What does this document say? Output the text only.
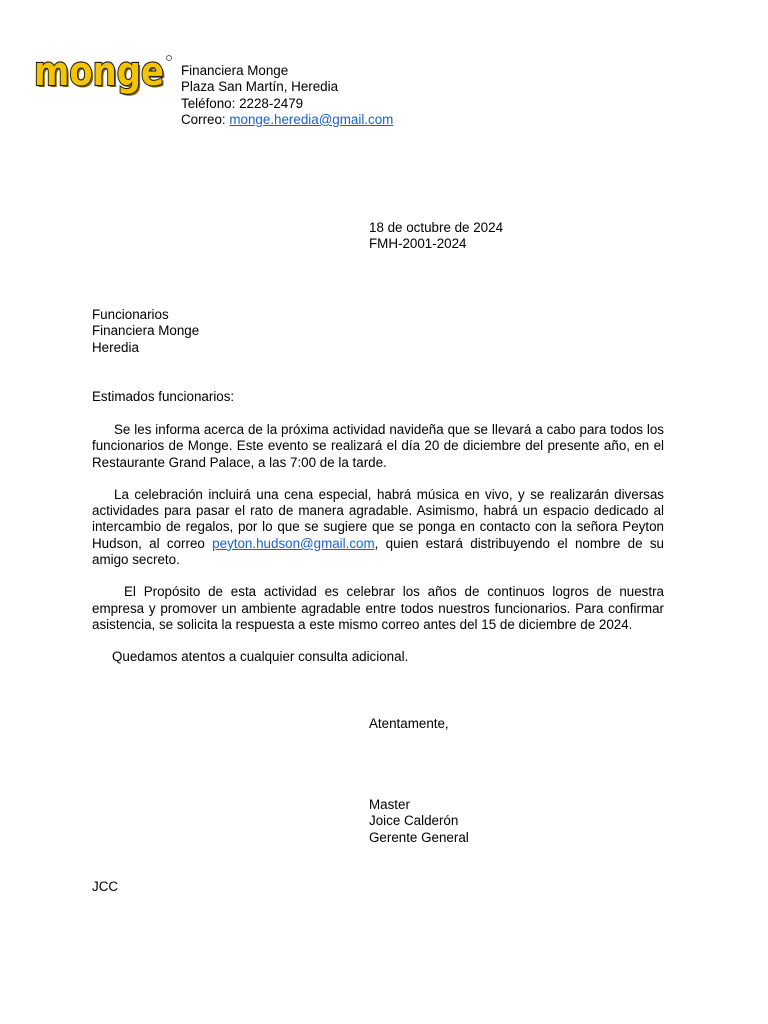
monge
monge Financiera Monge
Plaza San Martín, Heredia
Teléfono: 2228-2479
Correo: monge.heredia@gmail.com
18 de octubre de 2024
FMH-2001-2024
Funcionarios
Financiera Monge
Heredia
Estimados funcionarios:

Se les informa acerca de la próxima actividad navideña que se llevará a cabo para todos los funcionarios de Monge. Este evento se realizará el día 20 de diciembre del presente año, en el Restaurante Grand Palace, a las 7:00 de la tarde.

La celebración incluirá una cena especial, habrá música en vivo, y se realizarán diversas actividades para pasar el rato de manera agradable. Asimismo, habrá un espacio dedicado al intercambio de regalos, por lo que se sugiere que se ponga en contacto con la señora Peyton Hudson, al correo peyton.hudson@gmail.com, quien estará distribuyendo el nombre de su amigo secreto.

El Propósito de esta actividad es celebrar los años de continuos logros de nuestra empresa y promover un ambiente agradable entre todos nuestros funcionarios. Para confirmar asistencia, se solicita la respuesta a este mismo correo antes del 15 de diciembre de 2024.

Quedamos atentos a cualquier consulta adicional.

Atentamente,
Master
Joice Calderón
Gerente General
JCC
